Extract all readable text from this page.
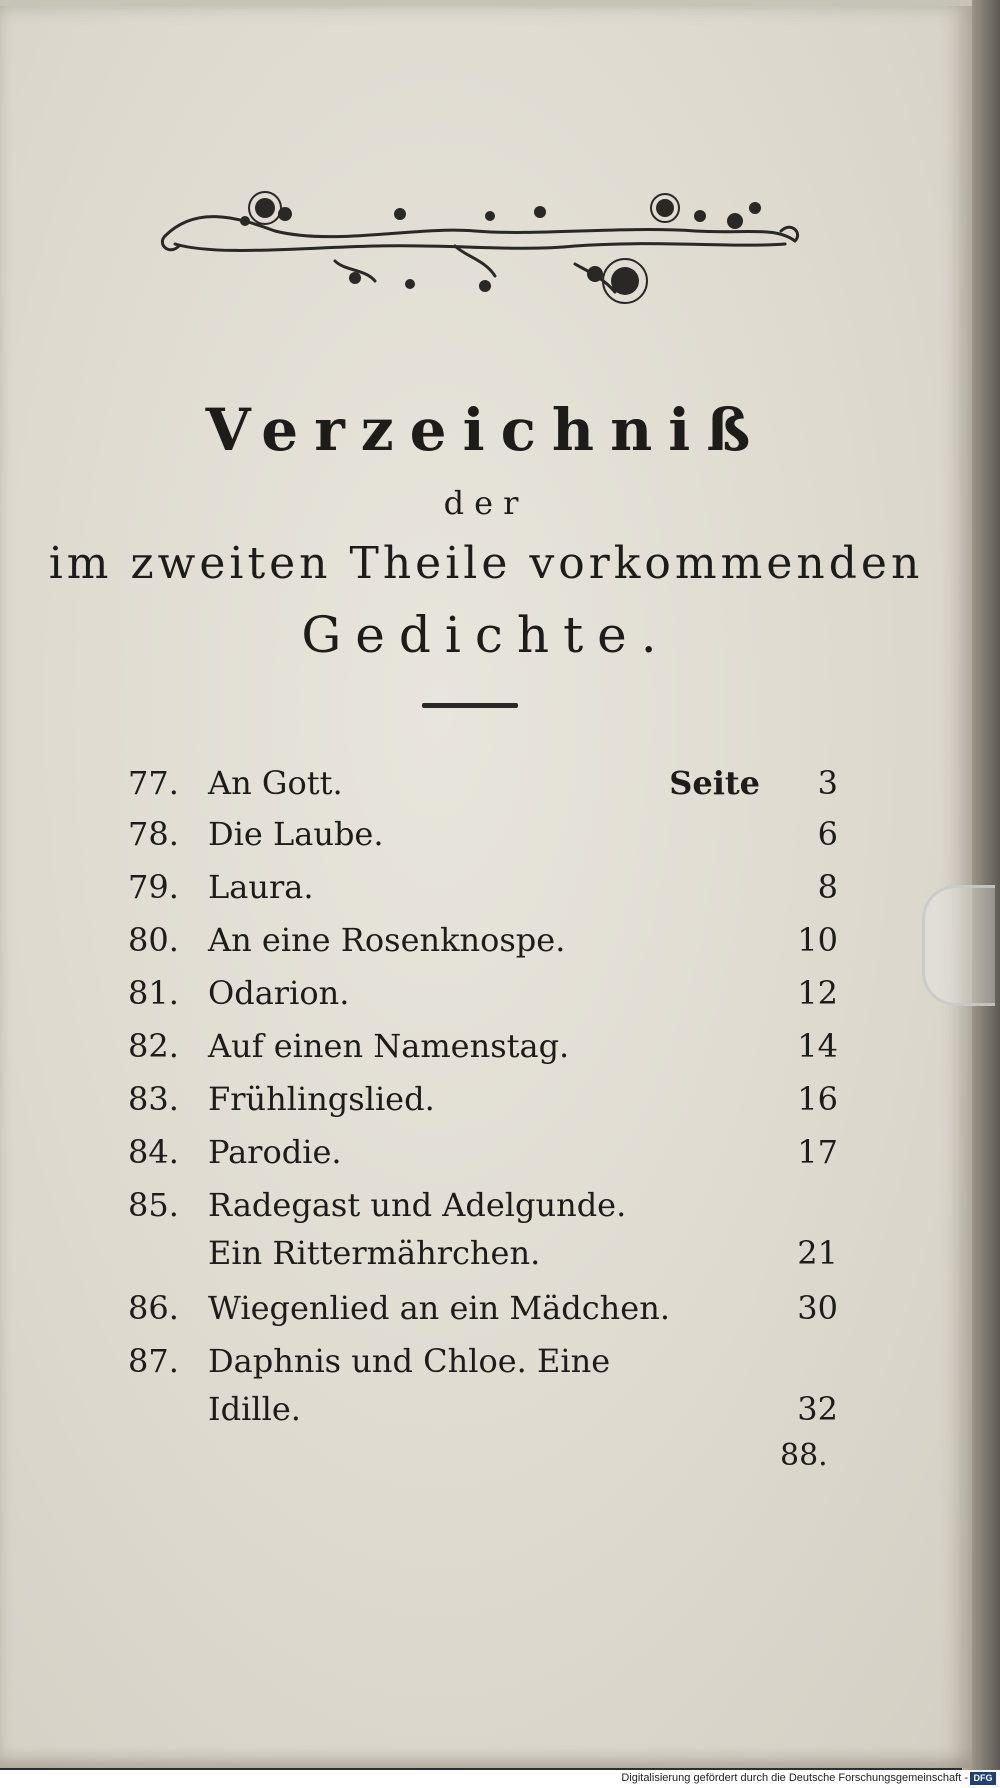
Verzeichniß
der
im zweiten Theile vorkommenden
Gedichte.
77. An Gott.	Seite	3
78. Die Laube.	6
79. Laura.	8
80. An eine Rosenknospe.	10
81. Odarion.	12
82. Auf einen Namenstag.	14
83. Frühlingslied.	16
84. Parodie.	17
85. Radegast und Adelgunde.
Ein Rittermährchen.	21
86. Wiegenlied an ein Mädchen.	30
87. Daphnis und Chloe. Eine
Idille.	32
88.
Digitalisierung gefördert durch die Deutsche Forschungsgemeinschaft - DFG
